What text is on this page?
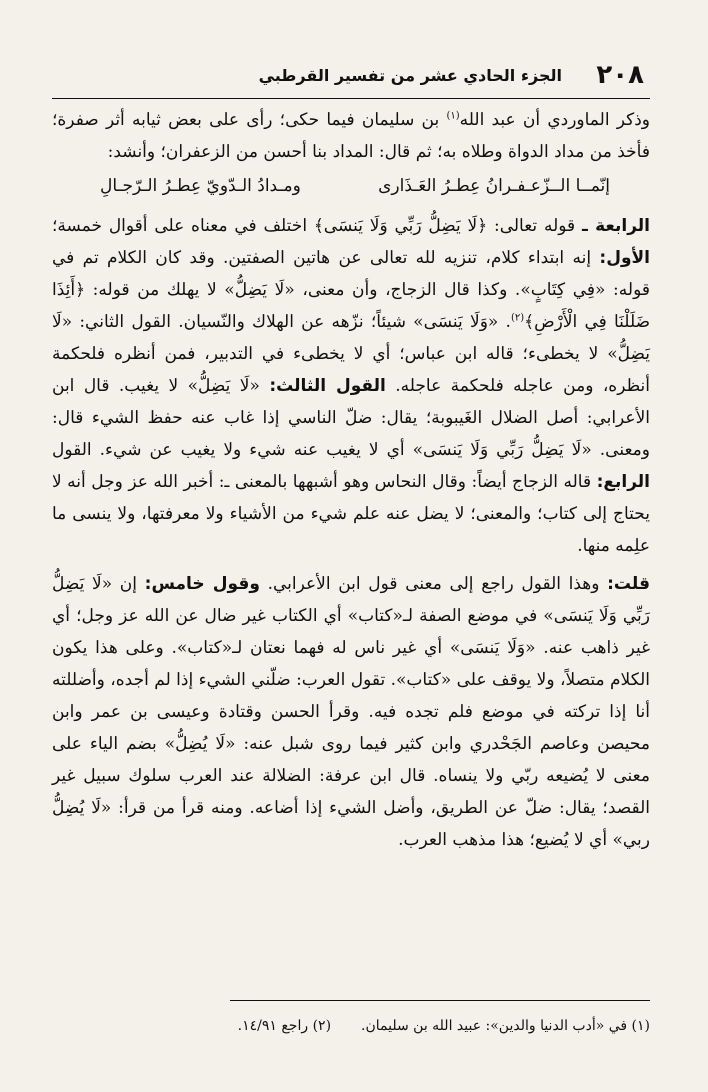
٢٠٨
الجزء الحادي عشر من تفسير القرطبي

وذكر الماوردي أن عبد الله$^{(١)}$ بن سليمان فيما حكى؛ رأى على بعض ثيابه أثر صفرة؛ فأخذ من مداد الدواة وطلاه به؛ ثم قال: المداد بنا أحسن من الزعفران؛ وأنشد:

إنّمــا الــزّعـفـرانُ عِطـرُ العَـذَارى
ومـدادُ الـدّويّ عِطـرُ الـرّجـالِ

الرابعة ـ قوله تعالى: ﴿لَا يَضِلُّ رَبِّي وَلَا يَنسَى﴾ اختلف في معناه على أقوال خمسة؛ الأول: إنه ابتداء كلام، تنزيه لله تعالى عن هاتين الصفتين. وقد كان الكلام تم في قوله: «فِي كِتَابٍ». وكذا قال الزجاج، وأن معنى، «لَا يَضِلُّ» لا يهلك من قوله: ﴿أَئِذَا ضَلَلْنَا فِي الْأَرْضِ﴾$^{(٢)}$. «وَلَا يَنسَى» شيئاً؛ نزّهه عن الهلاك والنّسيان. القول الثاني: «لَا يَضِلُّ» لا يخطىء؛ قاله ابن عباس؛ أي لا يخطىء في التدبير، فمن أنظره فلحكمة أنظره، ومن عاجله فلحكمة عاجله. القول الثالث: «لَا يَضِلُّ» لا يغيب. قال ابن الأعرابي: أصل الضلال الغَيبوبة؛ يقال: ضلّ الناسي إذا غاب عنه حفظ الشيء قال: ومعنى. «لَا يَضِلُّ رَبِّي وَلَا يَنسَى» أي لا يغيب عنه شيء ولا يغيب عن شيء. القول الرابع: قاله الزجاج أيضاً: وقال النحاس وهو أشبهها بالمعنى ـ: أخبر الله عز وجل أنه لا يحتاج إلى كتاب؛ والمعنى؛ لا يضل عنه علم شيء من الأشياء ولا معرفتها، ولا ينسى ما علِمه منها.

قلت: وهذا القول راجع إلى معنى قول ابن الأعرابي. وقول خامس: إن «لَا يَضِلُّ رَبِّي وَلَا يَنسَى» في موضع الصفة لـ«كتاب» أي الكتاب غير ضال عن الله عز وجل؛ أي غير ذاهب عنه. «وَلَا يَنسَى» أي غير ناس له فهما نعتان لـ«كتاب». وعلى هذا يكون الكلام متصلاً، ولا يوقف على «كتاب». تقول العرب: ضلّني الشيء إذا لم أجده، وأضللته أنا إذا تركته في موضع فلم تجده فيه. وقرأ الحسن وقتادة وعيسى بن عمر وابن محيصن وعاصم الجَحْدري وابن كثير فيما روى شبل عنه: «لَا يُضِلُّ» بضم الياء على معنى لا يُضيعه ربّي ولا ينساه. قال ابن عرفة: الضلالة عند العرب سلوك سبيل غير القصد؛ يقال: ضلّ عن الطريق، وأضل الشيء إذا أضاعه. ومنه قرأ من قرأ: «لَا يُضِلُّ ربي» أي لا يُضيع؛ هذا مذهب العرب.

(١) في «أدب الدنيا والدين»: عبيد الله بن سليمان.
(٢) راجع ١٤/٩١.
